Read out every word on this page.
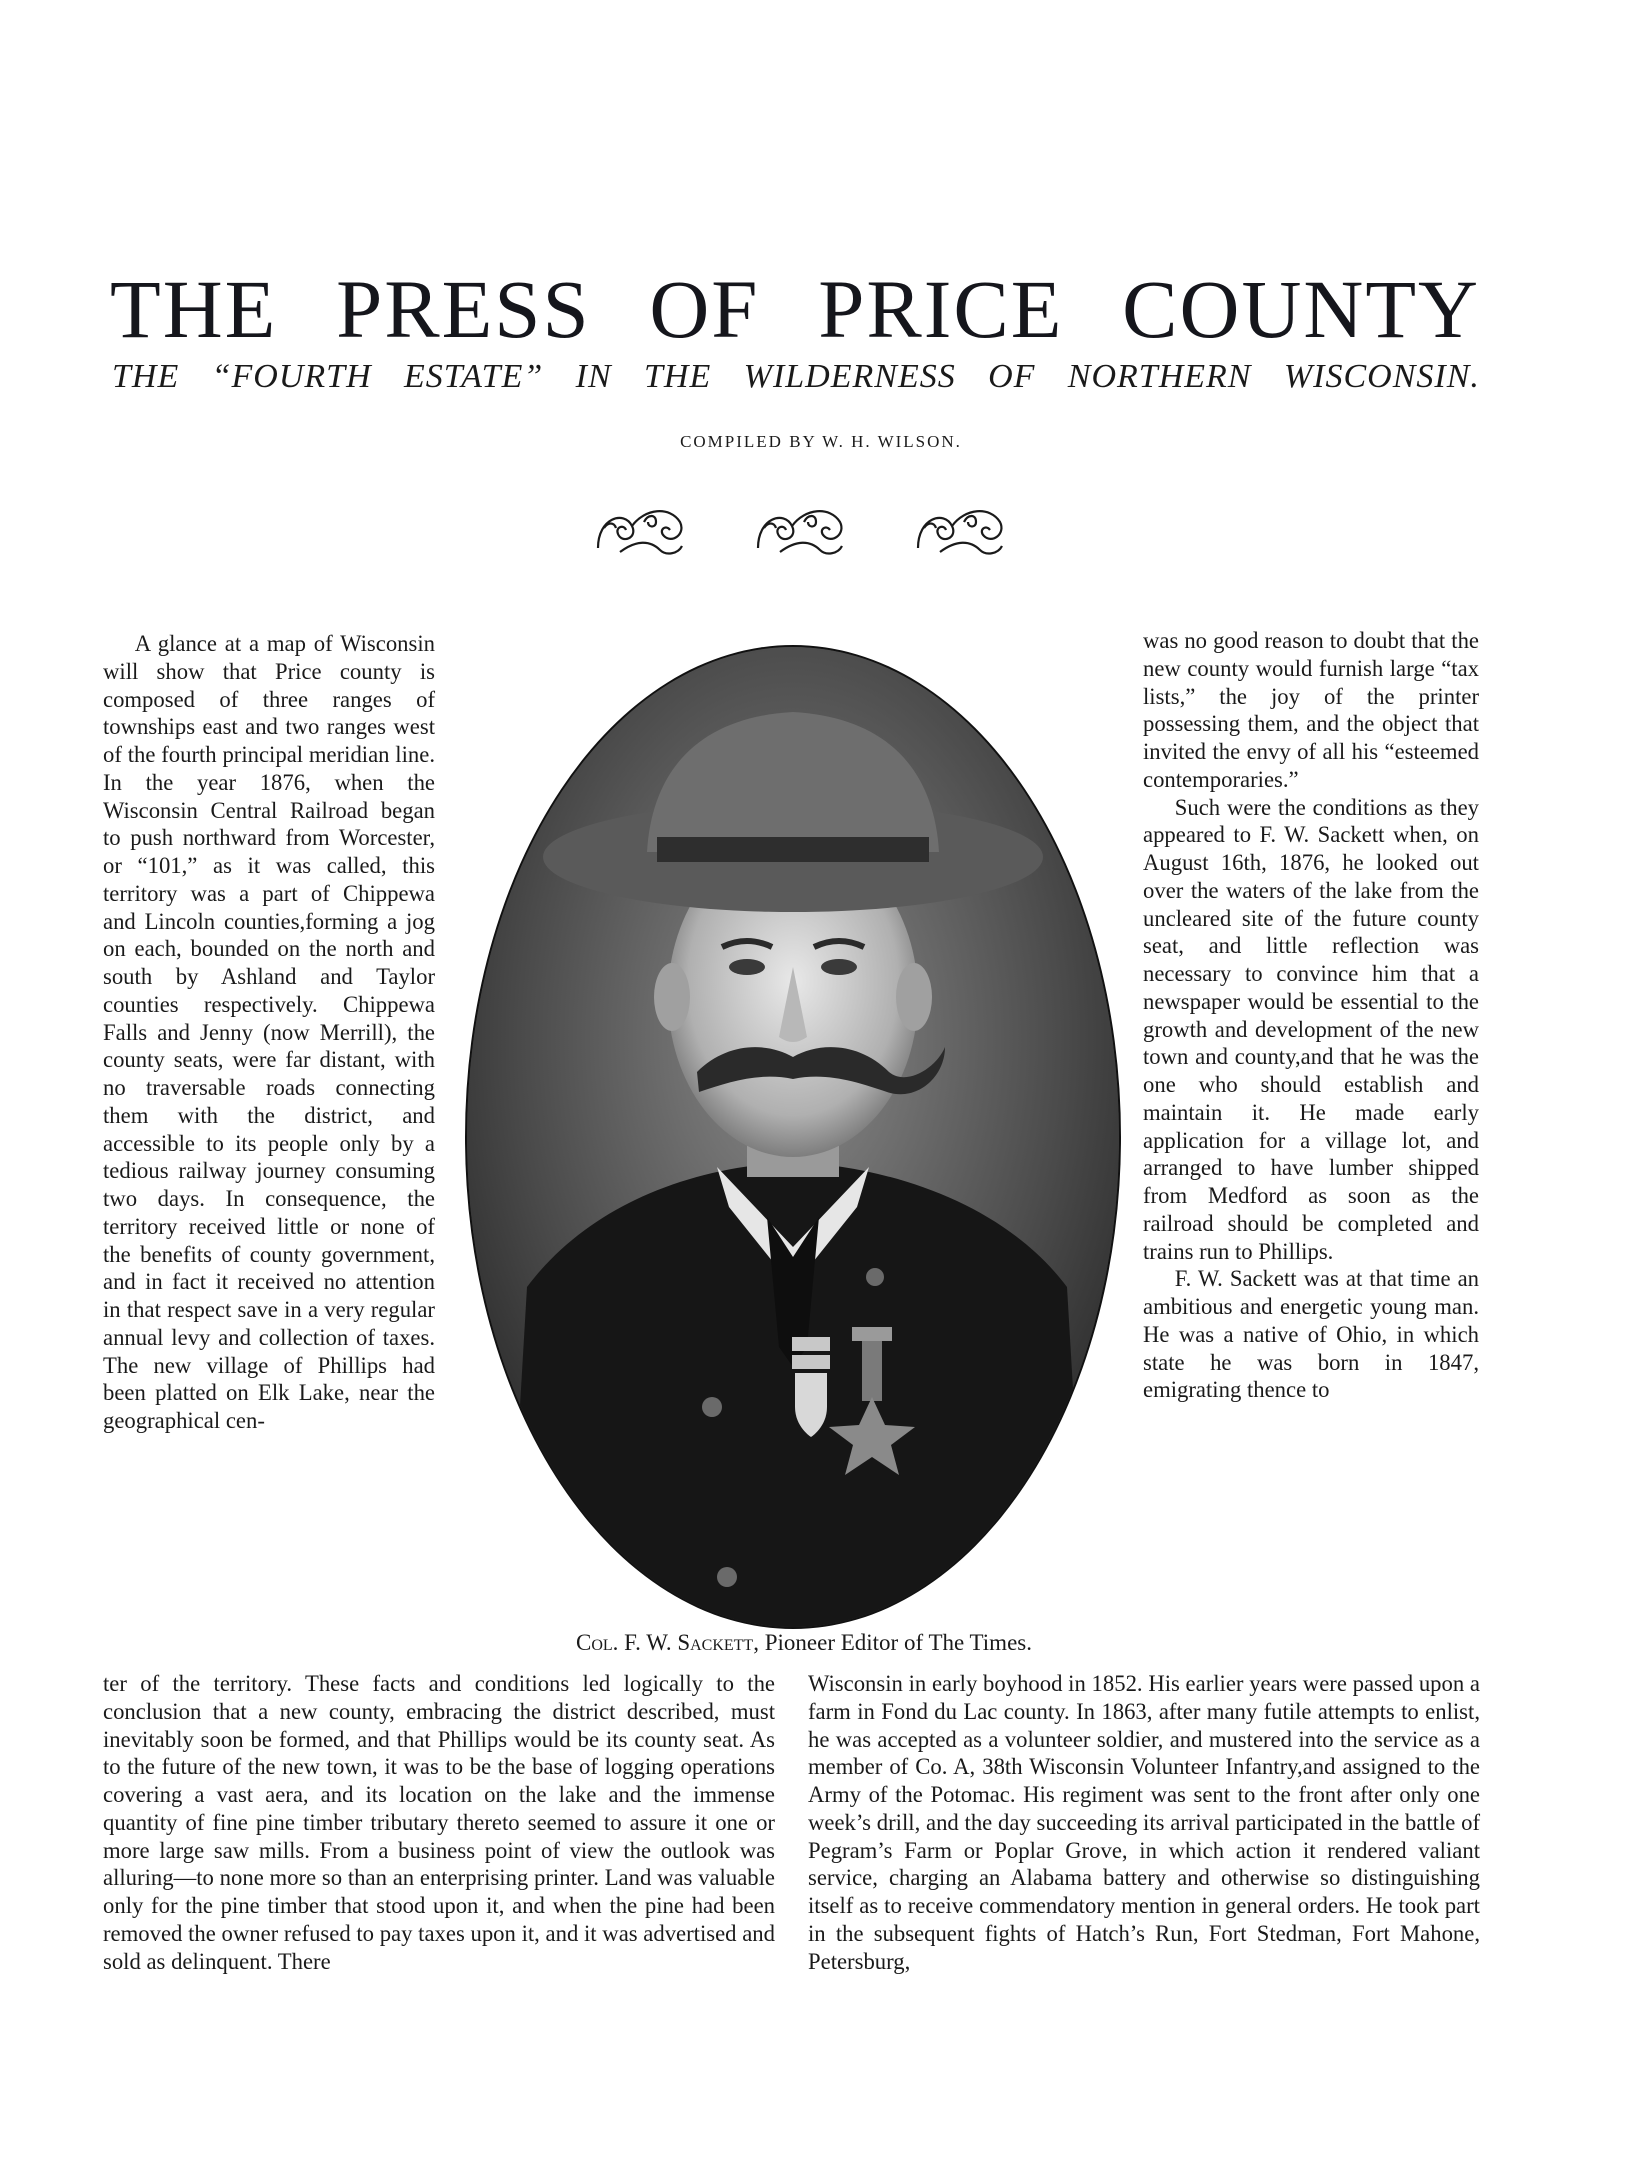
THE PRESS OF PRICE COUNTY
THE “FOURTH ESTATE” IN THE WILDERNESS OF NORTHERN WISCONSIN.
COMPILED BY W. H. WILSON.

A glance at a map of Wisconsin will show that Price county is composed of three ranges of townships east and two ranges west of the fourth principal meridian line. In the year 1876, when the Wisconsin Central Railroad began to push northward from Worcester, or “101,” as it was called, this territory was a part of Chippewa and Lincoln counties,forming a jog on each, bounded on the north and south by Ashland and Taylor counties respectively. Chippewa Falls and Jenny (now Merrill), the county seats, were far distant, with no traversable roads connecting them with the district, and accessible to its people only by a tedious railway journey consuming two days. In consequence, the territory received little or none of the benefits of county government, and in fact it received no attention in that respect save in a very regular annual levy and collection of taxes. The new village of Phillips had been platted on Elk Lake, near the geographical cen-

Col. F. W. Sackett, Pioneer Editor of The Times.

was no good reason to doubt that the new county would furnish large “tax lists,” the joy of the printer possessing them, and the object that invited the envy of all his “esteemed contemporaries.”

Such were the conditions as they appeared to F. W. Sackett when, on August 16th, 1876, he looked out over the waters of the lake from the uncleared site of the future county seat, and little reflection was necessary to convince him that a newspaper would be essential to the growth and development of the new town and county,and that he was the one who should establish and maintain it. He made early application for a village lot, and arranged to have lumber shipped from Medford as soon as the railroad should be completed and trains run to Phillips.

F. W. Sackett was at that time an ambitious and energetic young man. He was a native of Ohio, in which state he was born in 1847, emigrating thence to

ter of the territory. These facts and conditions led logically to the conclusion that a new county, embracing the district described, must inevitably soon be formed, and that Phillips would be its county seat. As to the future of the new town, it was to be the base of logging operations covering a vast aera, and its location on the lake and the immense quantity of fine pine timber tributary thereto seemed to assure it one or more large saw mills. From a business point of view the outlook was alluring—to none more so than an enterprising printer. Land was valuable only for the pine timber that stood upon it, and when the pine had been removed the owner refused to pay taxes upon it, and it was advertised and sold as delinquent. There

Wisconsin in early boyhood in 1852. His earlier years were passed upon a farm in Fond du Lac county. In 1863, after many futile attempts to enlist, he was accepted as a volunteer soldier, and mustered into the service as a member of Co. A, 38th Wisconsin Volunteer Infantry,and assigned to the Army of the Potomac. His regiment was sent to the front after only one week’s drill, and the day succeeding its arrival participated in the battle of Pegram’s Farm or Poplar Grove, in which action it rendered valiant service, charging an Alabama battery and otherwise so distinguishing itself as to receive commendatory mention in general orders. He took part in the subsequent fights of Hatch’s Run, Fort Stedman, Fort Mahone, Petersburg,
